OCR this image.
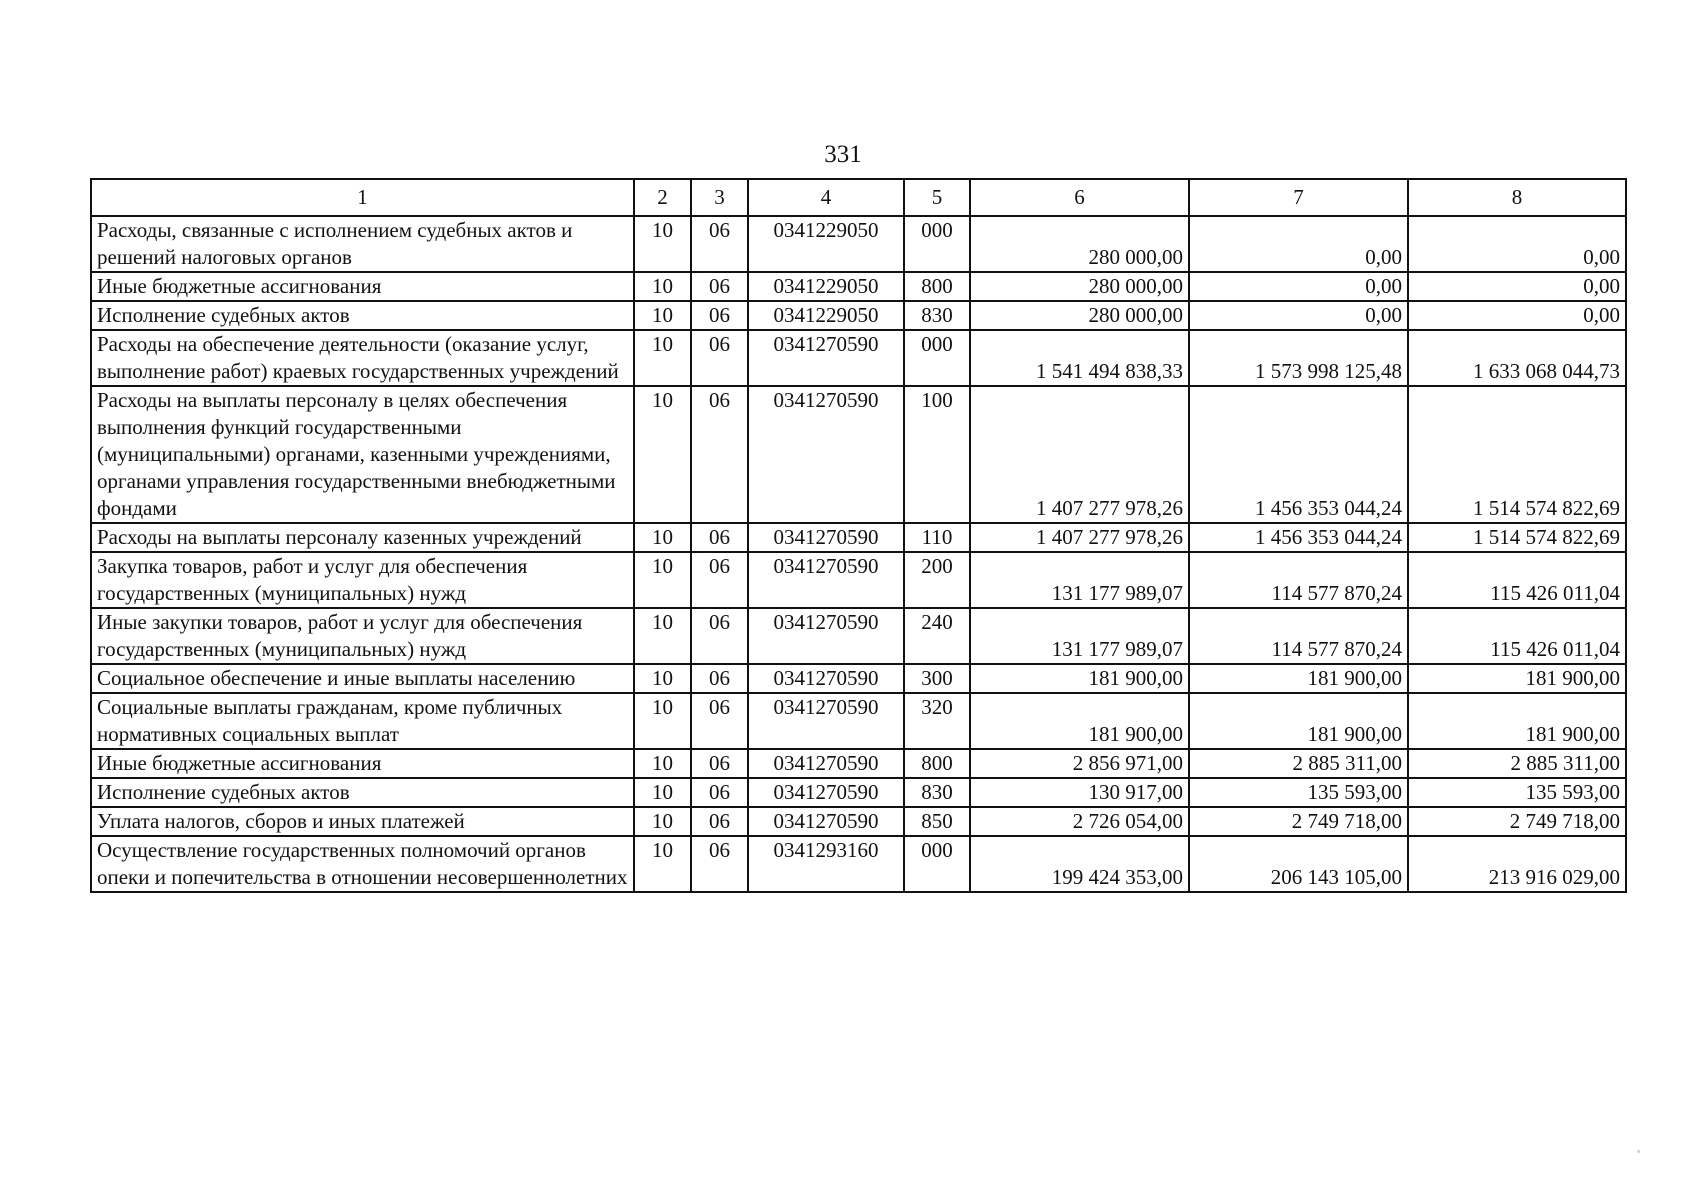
331
1	2	3	4	5	6	7	8
Расходы, связанные с исполнением судебных актов и решений налоговых органов	10	06	0341229050	000	280 000,00	0,00	0,00
Иные бюджетные ассигнования	10	06	0341229050	800	280 000,00	0,00	0,00
Исполнение судебных актов	10	06	0341229050	830	280 000,00	0,00	0,00
Расходы на обеспечение деятельности (оказание услуг, выполнение работ) краевых государственных учреждений	10	06	0341270590	000	1 541 494 838,33	1 573 998 125,48	1 633 068 044,73
Расходы на выплаты персоналу в целях обеспечения выполнения функций государственными (муниципальными) органами, казенными учреждениями, органами управления государственными внебюджетными фондами	10	06	0341270590	100	1 407 277 978,26	1 456 353 044,24	1 514 574 822,69
Расходы на выплаты персоналу казенных учреждений	10	06	0341270590	110	1 407 277 978,26	1 456 353 044,24	1 514 574 822,69
Закупка товаров, работ и услуг для обеспечения государственных (муниципальных) нужд	10	06	0341270590	200	131 177 989,07	114 577 870,24	115 426 011,04
Иные закупки товаров, работ и услуг для обеспечения государственных (муниципальных) нужд	10	06	0341270590	240	131 177 989,07	114 577 870,24	115 426 011,04
Социальное обеспечение и иные выплаты населению	10	06	0341270590	300	181 900,00	181 900,00	181 900,00
Социальные выплаты гражданам, кроме публичных нормативных социальных выплат	10	06	0341270590	320	181 900,00	181 900,00	181 900,00
Иные бюджетные ассигнования	10	06	0341270590	800	2 856 971,00	2 885 311,00	2 885 311,00
Исполнение судебных актов	10	06	0341270590	830	130 917,00	135 593,00	135 593,00
Уплата налогов, сборов и иных платежей	10	06	0341270590	850	2 726 054,00	2 749 718,00	2 749 718,00
Осуществление государственных полномочий органов опеки и попечительства в отношении несовершеннолетних	10	06	0341293160	000	199 424 353,00	206 143 105,00	213 916 029,00
